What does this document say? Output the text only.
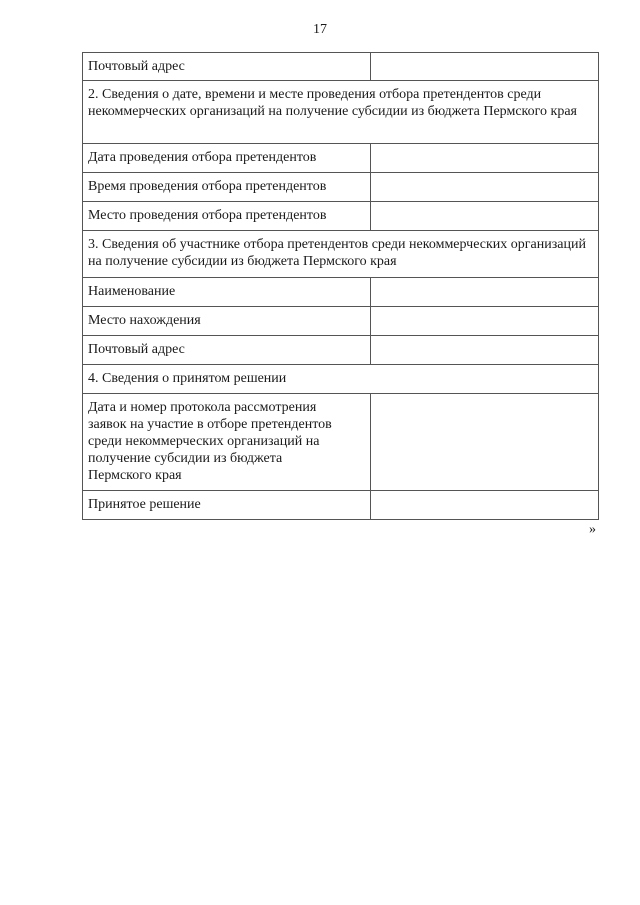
17
Почтовый адрес	
2. Сведения о дате, времени и месте проведения отбора претендентов среди некоммерческих организаций на получение субсидии из бюджета Пермского края	
Дата проведения отбора претендентов	
Время проведения отбора претендентов	
Место проведения отбора претендентов	
3. Сведения об участнике отбора претендентов среди некоммерческих организаций на получение субсидии из бюджета Пермского края	
Наименование	
Место нахождения	
Почтовый адрес	
4. Сведения о принятом решении	
Дата и номер протокола рассмотрения заявок на участие в отборе претендентов среди некоммерческих организаций на получение субсидии из бюджета Пермского края	
Принятое решение	
»
